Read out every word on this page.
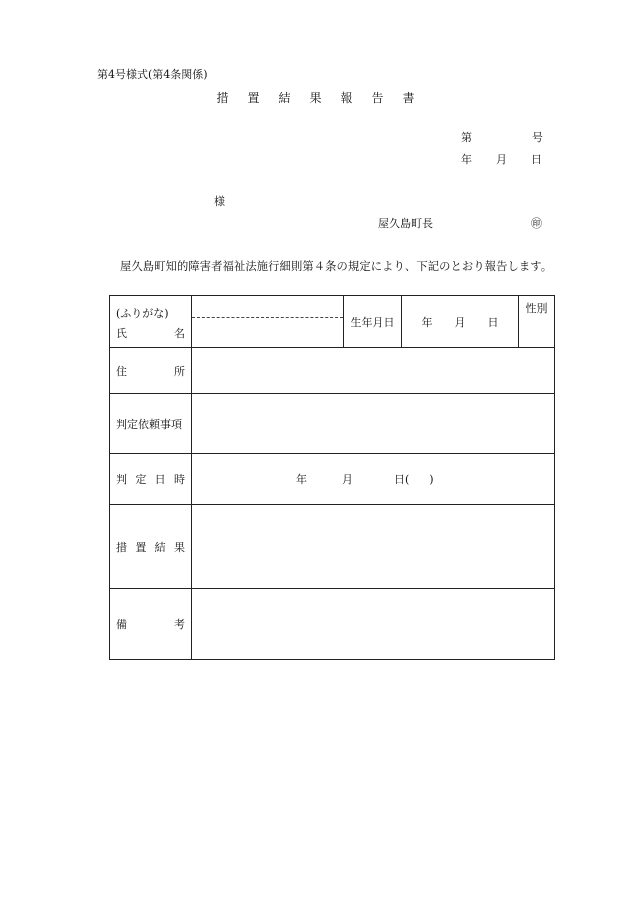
第4号様式(第4条関係)
措 置 結 果 報 告 書
第	号
年 月 日
様
屋久島町長	㊞
屋久島町知的障害者福祉法施行細則第４条の規定により、下記のとおり報告します。
(ふりがな)
氏 名		生年月日	年 月 日	性別

住 所				

判定依頼事項				

判 定 日 時	年 月 日( )			

措 置 結 果				

備 考				
